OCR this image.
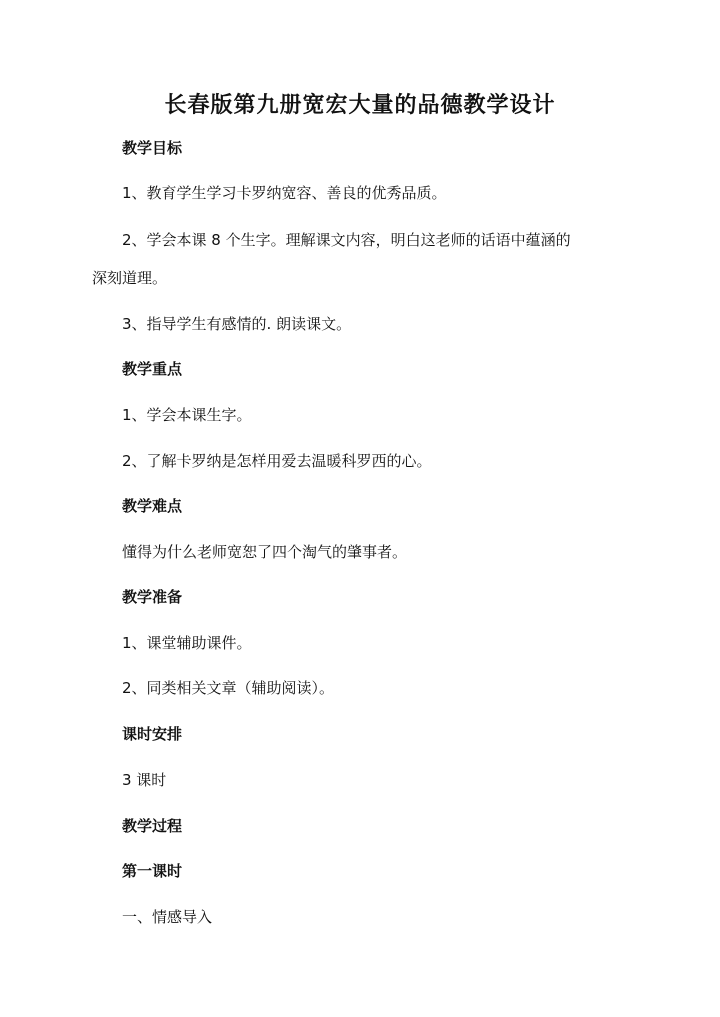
长春版第九册宽宏大量的品德教学设计

教学目标

1、教育学生学习卡罗纳宽容、善良的优秀品质。

2、学会本课 8 个生字。理解课文内容，明白这老师的话语中蕴涵的

深刻道理。

3、指导学生有感情的. 朗读课文。

教学重点

1、学会本课生字。

2、了解卡罗纳是怎样用爱去温暖科罗西的心。

教学难点

懂得为什么老师宽恕了四个淘气的肇事者。

教学准备

1、课堂辅助课件。

2、同类相关文章（辅助阅读）。

课时安排

3 课时

教学过程

第一课时

一、情感导入
